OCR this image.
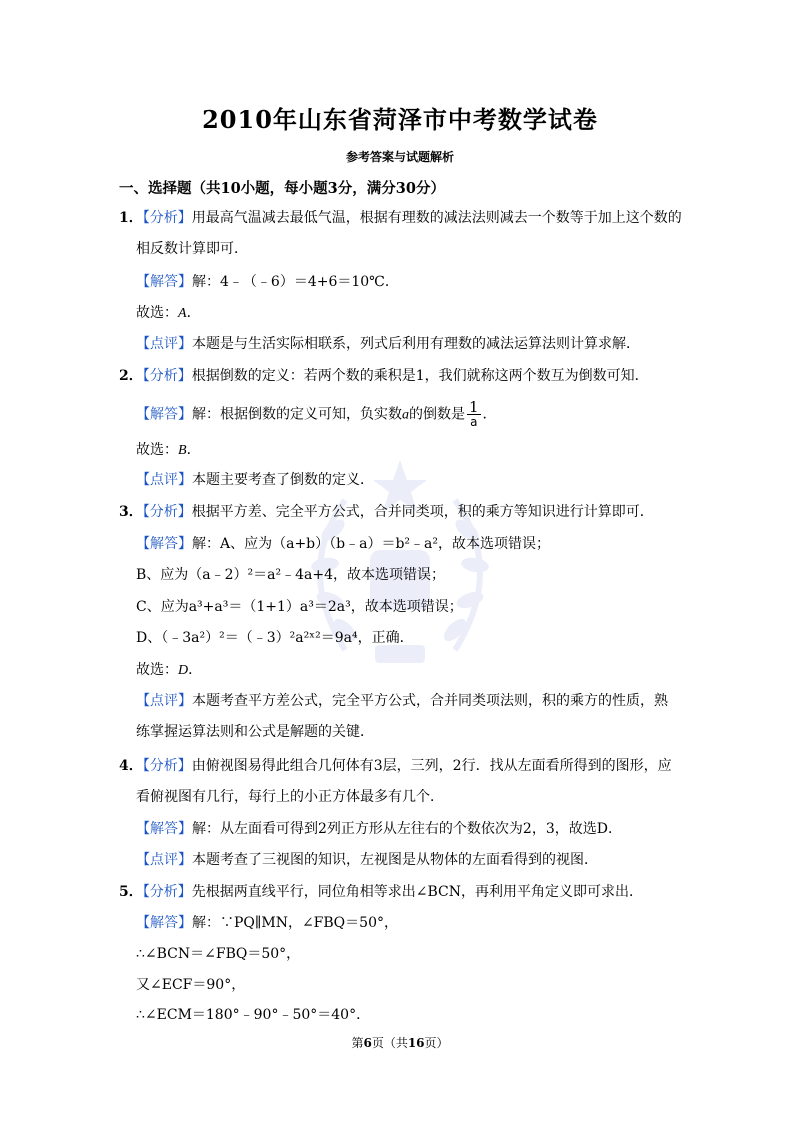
2010年山东省菏泽市中考数学试卷
参考答案与试题解析
一、选择题（共10小题，每小题3分，满分30分）
1．【分析】用最高气温减去最低气温，根据有理数的减法法则减去一个数等于加上这个数的
相反数计算即可．
【解答】解：4﹣（﹣6）＝4+6＝10℃．
故选：A．
【点评】本题是与生活实际相联系，列式后利用有理数的减法运算法则计算求解．
2．【分析】根据倒数的定义：若两个数的乘积是1，我们就称这两个数互为倒数可知．
【解答】解：根据倒数的定义可知，负实数a的倒数是 $\frac{1}{a}$ ．
故选：B．
【点评】本题主要考查了倒数的定义．
3．【分析】根据平方差、完全平方公式，合并同类项，积的乘方等知识进行计算即可．
【解答】解：A、应为（a+b）（b﹣a）＝b²﹣a²，故本选项错误；
B、应为（a﹣2）²＝a²﹣4a+4，故本选项错误；
C、应为a³+a³＝（1+1）a³＝2a³，故本选项错误；
D、（﹣3a²）²＝（﹣3）²a²ˣ²＝9a⁴，正确．
故选：D．
【点评】本题考查平方差公式，完全平方公式，合并同类项法则，积的乘方的性质，熟
练掌握运算法则和公式是解题的关键．
4．【分析】由俯视图易得此组合几何体有3层，三列，2行．找从左面看所得到的图形，应
看俯视图有几行，每行上的小正方体最多有几个．
【解答】解：从左面看可得到2列正方形从左往右的个数依次为2，3，故选D．
【点评】本题考查了三视图的知识，左视图是从物体的左面看得到的视图．
5．【分析】先根据两直线平行，同位角相等求出∠BCN，再利用平角定义即可求出．
【解答】解：∵PQ∥MN，∠FBQ＝50°，
∴∠BCN＝∠FBQ＝50°，
又∠ECF＝90°，
∴∠ECM＝180°﹣90°﹣50°＝40°．
第6页（共16页）
